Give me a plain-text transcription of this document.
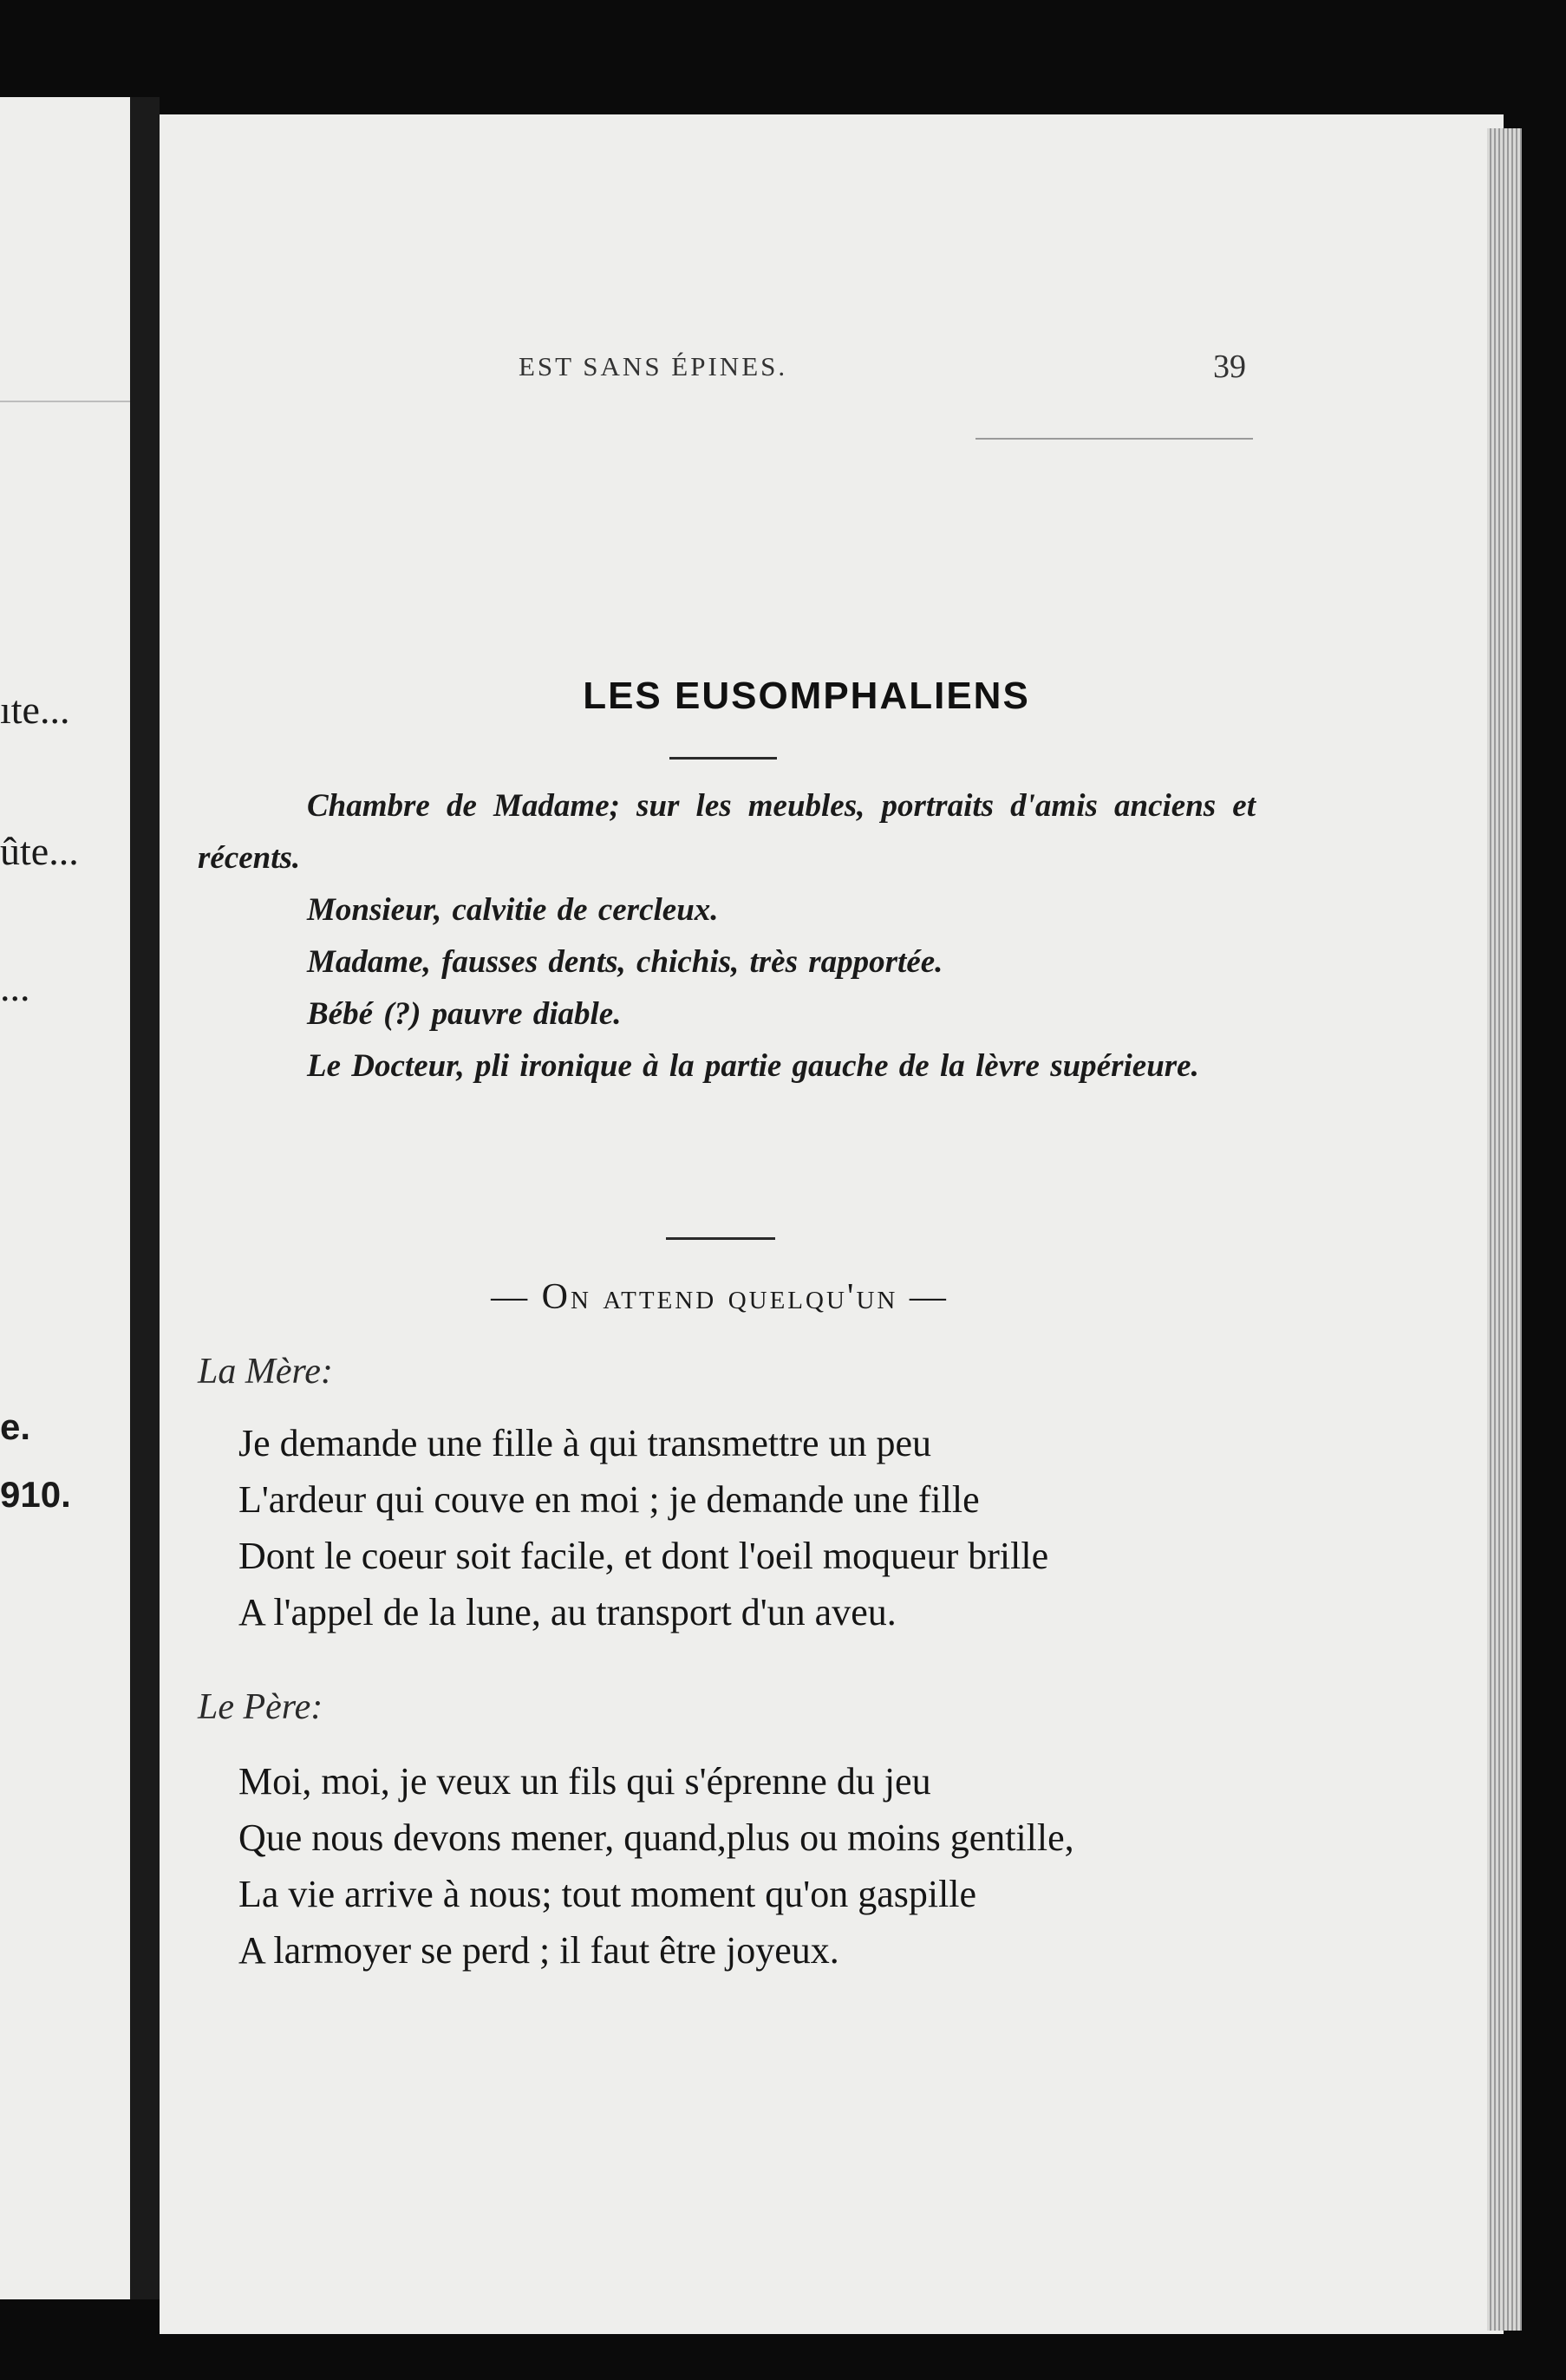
ıte...

ûte...

...

e.

910.

EST SANS ÉPINES.	39
LES EUSOMPHALIENS

Chambre de Madame; sur les meubles, portraits d'amis anciens et récents.

Monsieur, calvitie de cercleux.

Madame, fausses dents, chichis, très rapportée.

Bébé (?) pauvre diable.

Le Docteur, pli ironique à la partie gauche de la lèvre supérieure.

— On attend quelqu'un —
La Mère:
Je demande une fille à qui transmettre un peu
L'ardeur qui couve en moi ; je demande une fille
Dont le coeur soit facile, et dont l'oeil moqueur brille
A l'appel de la lune, au transport d'un aveu.
Le Père:
Moi, moi, je veux un fils qui s'éprenne du jeu
Que nous devons mener, quand,plus ou moins gentille,
La vie arrive à nous; tout moment qu'on gaspille
A larmoyer se perd ; il faut être joyeux.
